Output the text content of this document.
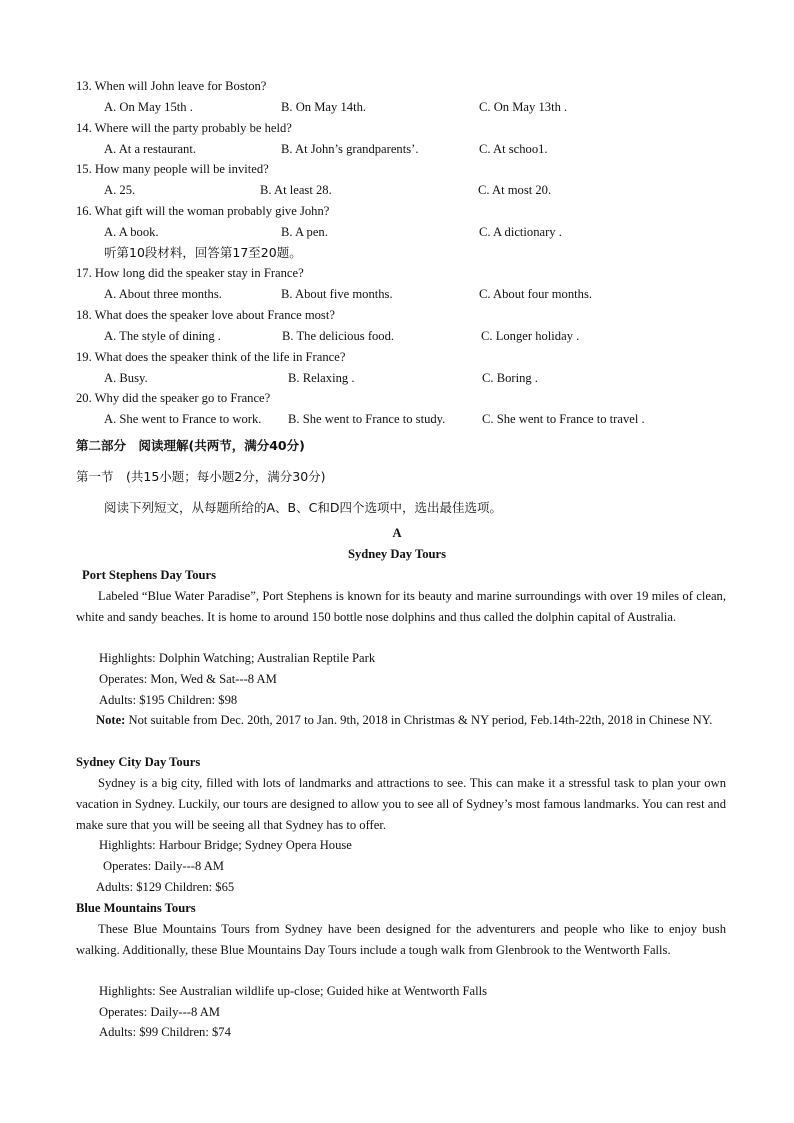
13. When will John leave for Boston?
A. On May 15th .	B. On May 14th.	C. On May 13th .
14. Where will the party probably be held?
A. At a restaurant.	B. At John’s grandparents’.	C. At schoo1.
15. How many people will be invited?
A. 25.	B. At least 28.	C. At most 20.
16. What gift will the woman probably give John?
A. A book.	B. A pen.	C. A dictionary .
听第10段材料，回答第17至20题。
17. How long did the speaker stay in France?
A. About three months.	B. About five months.	C. About four months.
18. What does the speaker love about France most?
A. The style of dining .	B. The delicious food.	C. Longer holiday .
19. What does the speaker think of the life in France?
A. Busy.	B. Relaxing .	C. Boring .
20. Why did the speaker go to France?
A. She went to France to work. B. She went to France to study.	C. She went to France to travel .
第二部分　阅读理解(共两节，满分40分)
第一节　(共15小题；每小题2分，满分30分)
阅读下列短文，从每题所给的A、B、C和D四个选项中，选出最佳选项。
A
Sydney Day Tours
Port Stephens Day Tours
Labeled “Blue Water Paradise”, Port Stephens is known for its beauty and marine surroundings with over 19 miles of clean, white and sandy beaches. It is home to around 150 bottle nose dolphins and thus called the dolphin capital of Australia.
Highlights: Dolphin Watching; Australian Reptile Park
Operates: Mon, Wed & Sat---8 AM
Adults: $195 Children: $98
Note: Not suitable from Dec. 20th, 2017 to Jan. 9th, 2018 in Christmas & NY period, Feb.14th-22th, 2018 in Chinese NY.
Sydney City Day Tours
Sydney is a big city, filled with lots of landmarks and attractions to see. This can make it a stressful task to plan your own vacation in Sydney. Luckily, our tours are designed to allow you to see all of Sydney’s most famous landmarks. You can rest and make sure that you will be seeing all that Sydney has to offer.
Highlights: Harbour Bridge; Sydney Opera House
Operates: Daily---8 AM
Adults: $129 Children: $65
Blue Mountains Tours
These Blue Mountains Tours from Sydney have been designed for the adventurers and people who like to enjoy bush walking. Additionally, these Blue Mountains Day Tours include a tough walk from Glenbrook to the Wentworth Falls.
Highlights: See Australian wildlife up-close; Guided hike at Wentworth Falls
Operates: Daily---8 AM
Adults: $99 Children: $74
